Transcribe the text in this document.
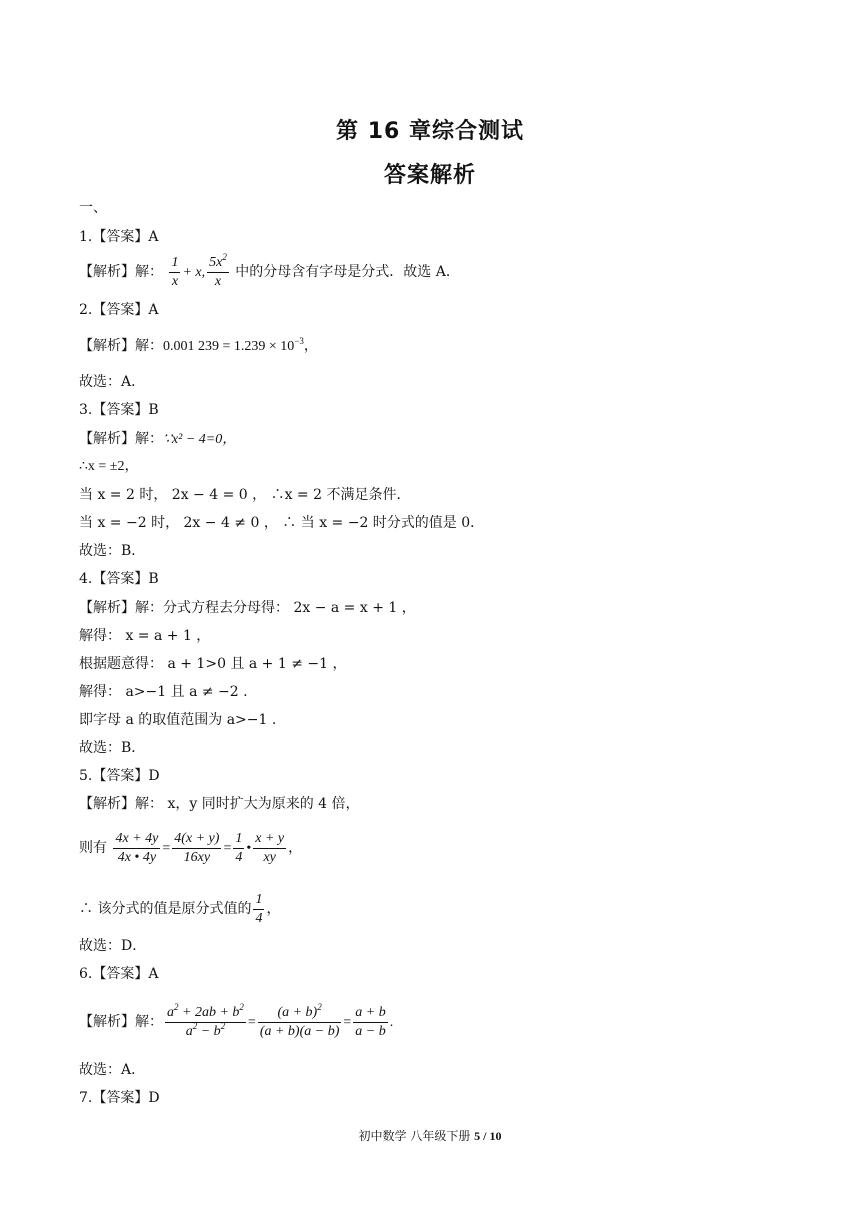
第 16 章综合测试
答案解析
一、
1.【答案】A
【解析】解： $\frac{1}{x} + x$, $\frac{5x^2}{x}$ 中的分母含有字母是分式．故选 A．
2.【答案】A
【解析】解：0.001 $239 = 1.239 \times 10^{-3}$，
故选：A．
3.【答案】B
【解析】解：∵x² − 4=0，
∴x = ±2，
当 x = 2 时， 2x − 4 = 0 ， ∴x = 2 不满足条件．
当 x = −2 时， 2x − 4 ≠ 0 ， ∴ 当 x = −2 时分式的值是 0．
故选：B．
4.【答案】B
【解析】解：分式方程去分母得： 2x − a = x + 1 ，
解得： x = a + 1 ，
根据题意得： a + 1>0 且 a + 1 ≠ −1 ，
解得： a>−1 且 a ≠ −2 .
即字母 a 的取值范围为 a>−1 .
故选：B．
5.【答案】D
【解析】解： x，y 同时扩大为原来的 4 倍，
则有 $\frac{4x + 4y}{4x • 4y} = \frac{4(x + y)}{16xy} = \frac{1}{4}$ • $\frac{x + y}{xy}$ ，
∴ 该分式的值是原分式值的 $\frac{1}{4}$ ，
故选：D．
6.【答案】A
【解析】解： $\frac{a^2 + 2ab + b^2}{a^2 - b^2} = \frac{(a + b)^2}{(a + b)(a - b)} = \frac{a + b}{a - b}$ .
故选：A．
7.【答案】D
初中数学 八年级下册 5 / 10
